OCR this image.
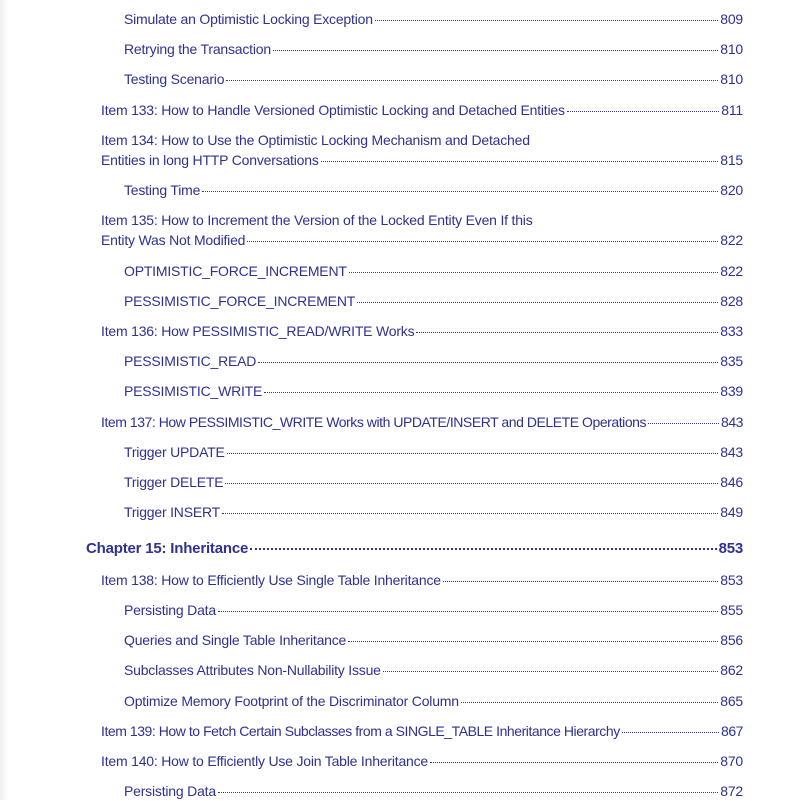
Simulate an Optimistic Locking Exception	809
Retrying the Transaction	810
Testing Scenario	810
Item 133: How to Handle Versioned Optimistic Locking and Detached Entities	811
Item 134: How to Use the Optimistic Locking Mechanism and Detached
Entities in long HTTP Conversations	815
Testing Time	820
Item 135: How to Increment the Version of the Locked Entity Even If this
Entity Was Not Modified	822
OPTIMISTIC_FORCE_INCREMENT	822
PESSIMISTIC_FORCE_INCREMENT	828
Item 136: How PESSIMISTIC_READ/WRITE Works	833
PESSIMISTIC_READ	835
PESSIMISTIC_WRITE	839
Item 137: How PESSIMISTIC_WRITE Works with UPDATE/INSERT and DELETE Operations	843
Trigger UPDATE	843
Trigger DELETE	846
Trigger INSERT	849
Chapter 15: Inheritance	853
Item 138: How to Efficiently Use Single Table Inheritance	853
Persisting Data	855
Queries and Single Table Inheritance	856
Subclasses Attributes Non-Nullability Issue	862
Optimize Memory Footprint of the Discriminator Column	865
Item 139: How to Fetch Certain Subclasses from a SINGLE_TABLE Inheritance Hierarchy	867
Item 140: How to Efficiently Use Join Table Inheritance	870
Persisting Data	872
